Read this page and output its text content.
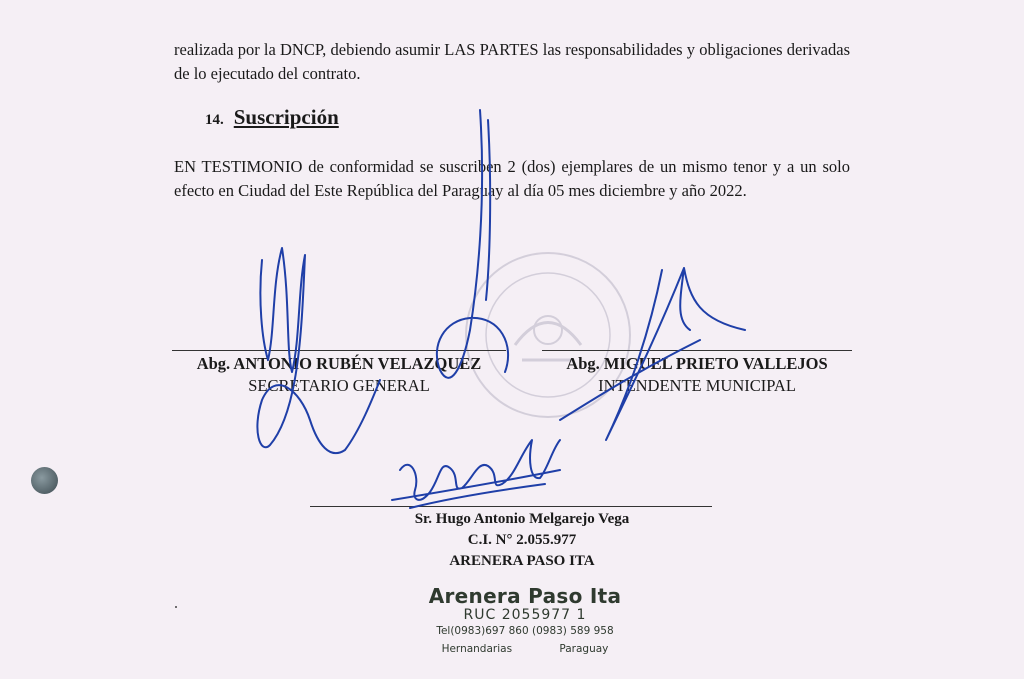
realizada por la DNCP, debiendo asumir LAS PARTES las responsabilidades y obligaciones derivadas de lo ejecutado del contrato.

14. Suscripción

EN TESTIMONIO de conformidad se suscriben 2 (dos) ejemplares de un mismo tenor y a un solo efecto en Ciudad del Este República del Paraguay al día 05 mes diciembre y año 2022.

Abg. ANTONIO RUBÉN VELAZQUEZ
SECRETARIO GENERAL
Abg. MIGUEL PRIETO VALLEJOS
INTENDENTE MUNICIPAL
Sr. Hugo Antonio Melgarejo Vega
C.I. N° 2.055.977
ARENERA PASO ITA
Arenera Paso Ita
RUC 2055977 1
Tel(0983)697 860 (0983) 589 958
Hernandarias Paraguay
